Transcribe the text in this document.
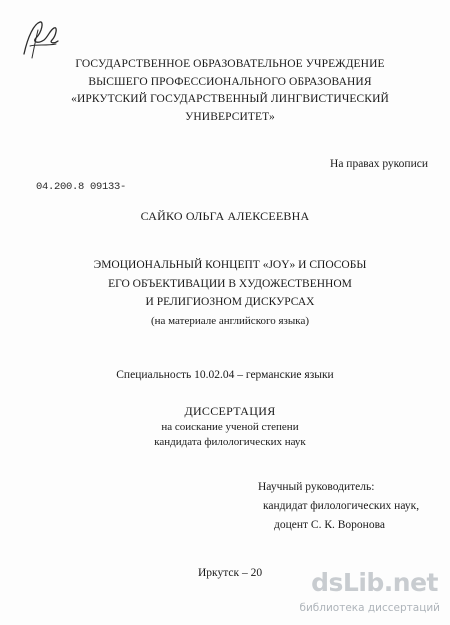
ГОСУДАРСТВЕННОЕ ОБРАЗОВАТЕЛЬНОЕ УЧРЕЖДЕНИЕ
ВЫСШЕГО ПРОФЕССИОНАЛЬНОГО ОБРАЗОВАНИЯ
«ИРКУТСКИЙ ГОСУДАРСТВЕННЫЙ ЛИНГВИСТИЧЕСКИЙ
УНИВЕРСИТЕТ»
На правах рукописи
04.200.8 09133-
САЙКО ОЛЬГА АЛЕКСЕЕВНА
ЭМОЦИОНАЛЬНЫЙ КОНЦЕПТ «JOY» И СПОСОБЫ
ЕГО ОБЪЕКТИВАЦИИ В ХУДОЖЕСТВЕННОМ
И РЕЛИГИОЗНОМ ДИСКУРСАХ
(на материале английского языка)
Специальность 10.02.04 – германские языки
ДИССЕРТАЦИЯ
на соискание ученой степени
кандидата филологических наук
Научный руководитель:
кандидат филологических наук,
доцент С. К. Воронова
Иркутск – 20 dsLib.net
библиотека диссертаций
